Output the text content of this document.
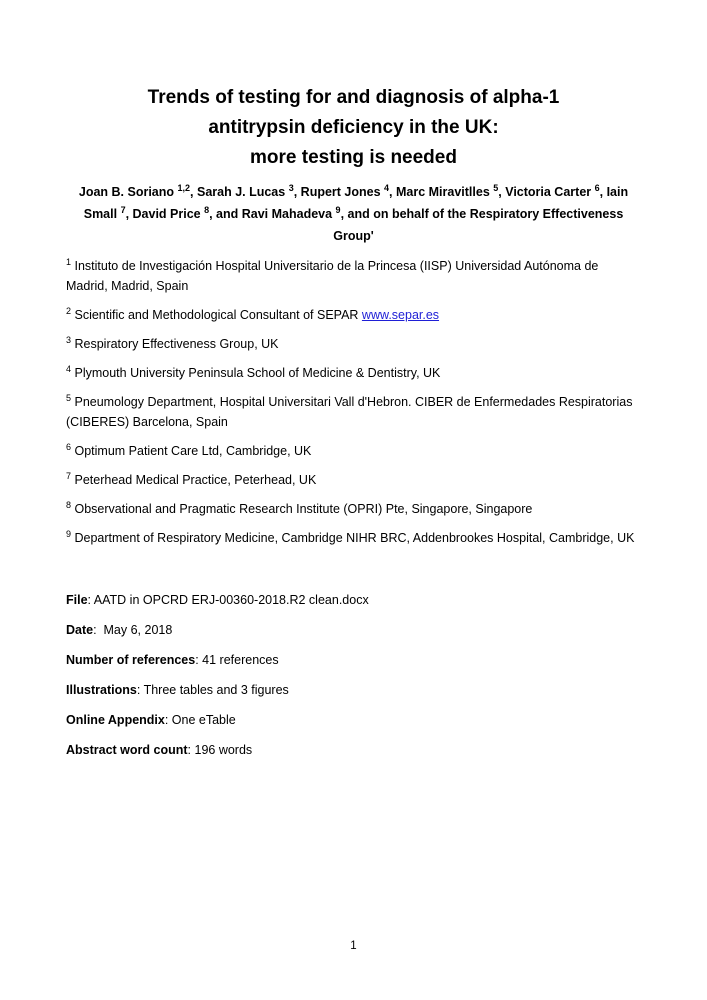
Trends of testing for and diagnosis of alpha-1
antitrypsin deficiency in the UK:
more testing is needed
Joan B. Soriano $^{1,2}$, Sarah J. Lucas $^3$, Rupert Jones $^4$, Marc Miravitlles $^5$, Victoria Carter $^6$, Iain
Small $^7$, David Price $^8$, and Ravi Mahadeva $^9$, and on behalf of the Respiratory Effectiveness
Group'

$^1$ Instituto de Investigación Hospital Universitario de la Princesa (IISP) Universidad Autónoma de Madrid, Madrid, Spain

$^2$ Scientific and Methodological Consultant of SEPAR www.separ.es

$^3$ Respiratory Effectiveness Group, UK

$^4$ Plymouth University Peninsula School of Medicine & Dentistry, UK

$^5$ Pneumology Department, Hospital Universitari Vall d'Hebron. CIBER de Enfermedades Respiratorias (CIBERES) Barcelona, Spain

$^6$ Optimum Patient Care Ltd, Cambridge, UK

$^7$ Peterhead Medical Practice, Peterhead, UK

$^8$ Observational and Pragmatic Research Institute (OPRI) Pte, Singapore, Singapore

$^9$ Department of Respiratory Medicine, Cambridge NIHR BRC, Addenbrookes Hospital, Cambridge, UK

File: AATD in OPCRD ERJ-00360-2018.R2 clean.docx

Date:  May 6, 2018

Number of references: 41 references

Illustrations: Three tables and 3 figures

Online Appendix: One eTable

Abstract word count: 196 words

1
